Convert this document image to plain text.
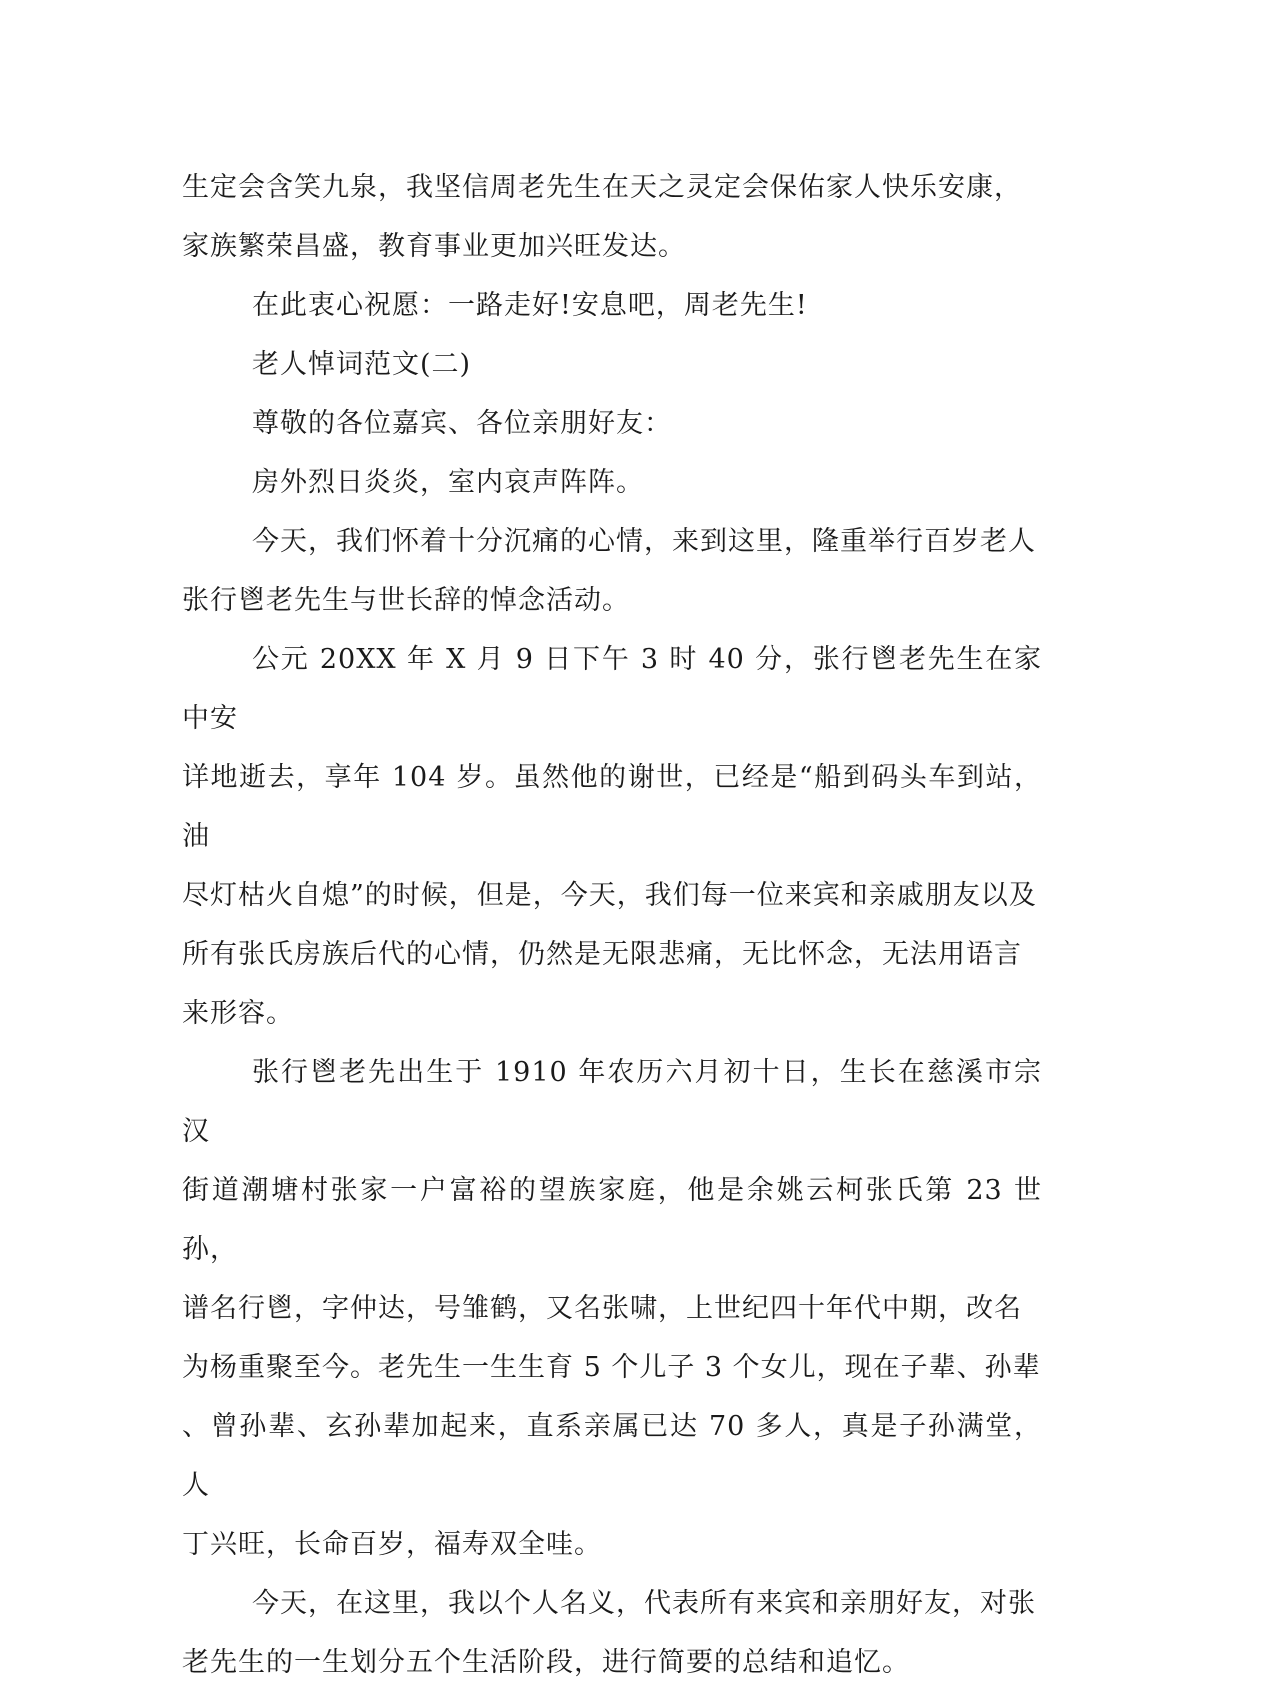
生定会含笑九泉，我坚信周老先生在天之灵定会保佑家人快乐安康，
家族繁荣昌盛，教育事业更加兴旺发达。
在此衷心祝愿：一路走好!安息吧，周老先生!
老人悼词范文(二)
尊敬的各位嘉宾、各位亲朋好友：
房外烈日炎炎，室内哀声阵阵。
今天，我们怀着十分沉痛的心情，来到这里，隆重举行百岁老人
张行鬯老先生与世长辞的悼念活动。
公元 20XX 年 X 月 9 日下午 3 时 40 分，张行鬯老先生在家中安
详地逝去，享年 104 岁。虽然他的谢世，已经是“船到码头车到站，油
尽灯枯火自熄”的时候，但是，今天，我们每一位来宾和亲戚朋友以及
所有张氏房族后代的心情，仍然是无限悲痛，无比怀念，无法用语言
来形容。
张行鬯老先出生于 1910 年农历六月初十日，生长在慈溪市宗汉
街道潮塘村张家一户富裕的望族家庭，他是余姚云柯张氏第 23 世孙，
谱名行鬯，字仲达，号雏鹤，又名张啸，上世纪四十年代中期，改名
为杨重聚至今。老先生一生生育 5 个儿子 3 个女儿，现在子辈、孙辈
、曾孙辈、玄孙辈加起来，直系亲属已达 70 多人，真是子孙满堂，人
丁兴旺，长命百岁，福寿双全哇。
今天，在这里，我以个人名义，代表所有来宾和亲朋好友，对张
老先生的一生划分五个生活阶段，进行简要的总结和追忆。
